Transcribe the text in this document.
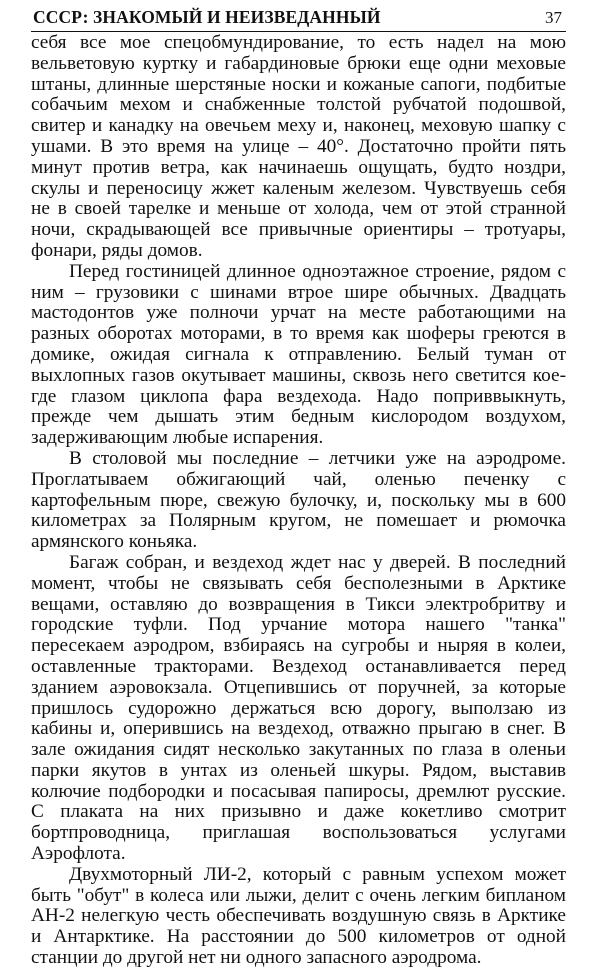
СССР: ЗНАКОМЫЙ И НЕИЗВЕДАННЫЙ	37

себя все мое спецобмундирование, то есть надел на мою вельветовую куртку и габардиновые брюки еще одни меховые штаны, длинные шерстяные носки и кожаные сапоги, подбитые собачьим мехом и снабженные толстой рубчатой подошвой, свитер и канадку на овечьем меху и, наконец, меховую шапку с ушами. В это время на улице – 40°. Достаточно пройти пять минут против ветра, как начинаешь ощущать, будто ноздри, скулы и переносицу жжет каленым железом. Чувствуешь себя не в своей тарелке и меньше от холода, чем от этой странной ночи, скрадывающей все привычные ориентиры – тротуары, фонари, ряды домов.

Перед гостиницей длинное одноэтажное строение, рядом с ним – грузовики с шинами втрое шире обычных. Двадцать мастодонтов уже полночи урчат на месте работающими на разных оборотах моторами, в то время как шоферы греются в домике, ожидая сигнала к отправлению. Белый туман от выхлопных газов окутывает машины, сквозь него светится кое-где глазом циклопа фара вездехода. Надо поприввыкнуть, прежде чем дышать этим бедным кислородом воздухом, задерживающим любые испарения.

В столовой мы последние – летчики уже на аэродроме. Проглатываем обжигающий чай, оленью печенку с картофельным пюре, свежую булочку, и, поскольку мы в 600 километрах за Полярным кругом, не помешает и рюмочка армянского коньяка.

Багаж собран, и вездеход ждет нас у дверей. В последний момент, чтобы не связывать себя бесполезными в Арктике вещами, оставляю до возвращения в Тикси электробритву и городские туфли. Под урчание мотора нашего "танка" пересекаем аэродром, взбираясь на сугробы и ныряя в колеи, оставленные тракторами. Вездеход останавливается перед зданием аэровокзала. Отцепившись от поручней, за которые пришлось судорожно держаться всю дорогу, выползаю из кабины и, оперившись на вездеход, отважно прыгаю в снег. В зале ожидания сидят несколько закутанных по глаза в оленьи парки якутов в унтах из оленьей шкуры. Рядом, выставив колючие подбородки и посасывая папиросы, дремлют русские. С плаката на них призывно и даже кокетливо смотрит бортпроводница, приглашая воспользоваться услугами Аэрофлота.

Двухмоторный ЛИ-2, который с равным успехом может быть "обут" в колеса или лыжи, делит с очень легким бипланом АН-2 нелегкую честь обеспечивать воздушную связь в Арктике и Антарктике. На расстоянии до 500 километров от одной станции до другой нет ни одного запасного аэродрома.
